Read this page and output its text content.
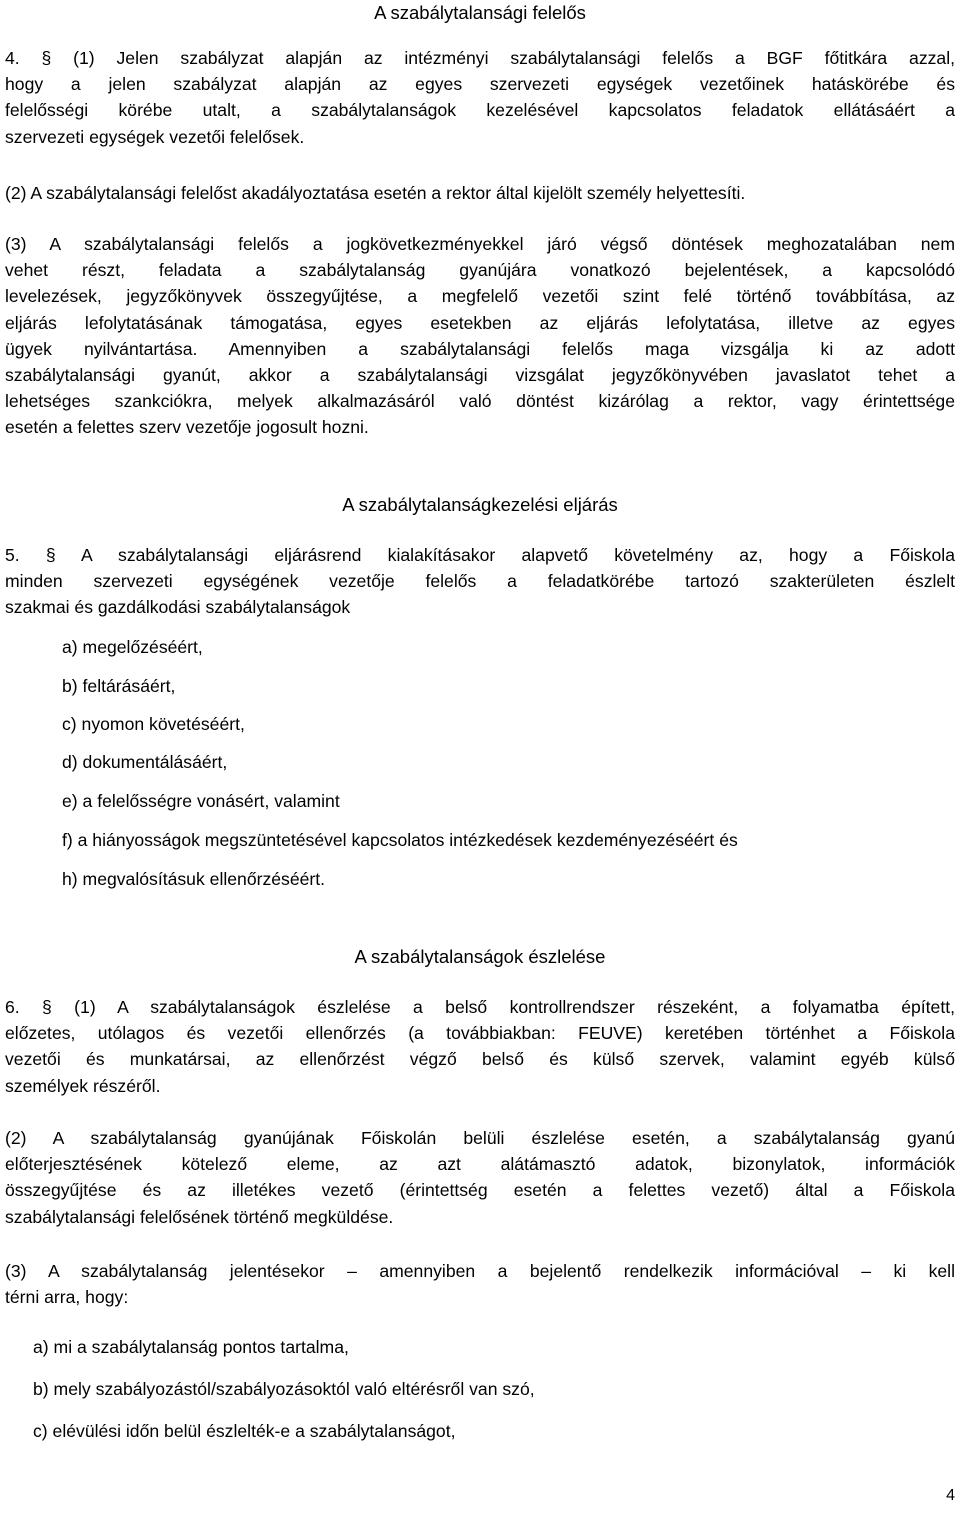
A szabálytalansági felelős
4. § (1) Jelen szabályzat alapján az intézményi szabálytalansági felelős a BGF főtitkára azzal,
hogy a jelen szabályzat alapján az egyes szervezeti egységek vezetőinek hatáskörébe és
felelősségi körébe utalt, a szabálytalanságok kezelésével kapcsolatos feladatok ellátásáért a
szervezeti egységek vezetői felelősek.
(2) A szabálytalansági felelőst akadályoztatása esetén a rektor által kijelölt személy helyettesíti.
(3) A szabálytalansági felelős a jogkövetkezményekkel járó végső döntések meghozatalában nem
vehet részt, feladata a szabálytalanság gyanújára vonatkozó bejelentések, a kapcsolódó
levelezések, jegyzőkönyvek összegyűjtése, a megfelelő vezetői szint felé történő továbbítása, az
eljárás lefolytatásának támogatása, egyes esetekben az eljárás lefolytatása, illetve az egyes
ügyek nyilvántartása. Amennyiben a szabálytalansági felelős maga vizsgálja ki az adott
szabálytalansági gyanút, akkor a szabálytalansági vizsgálat jegyzőkönyvében javaslatot tehet a
lehetséges szankciókra, melyek alkalmazásáról való döntést kizárólag a rektor, vagy érintettsége
esetén a felettes szerv vezetője jogosult hozni.
A szabálytalanságkezelési eljárás
5. § A szabálytalansági eljárásrend kialakításakor alapvető követelmény az, hogy a Főiskola
minden szervezeti egységének vezetője felelős a feladatkörébe tartozó szakterületen észlelt
szakmai és gazdálkodási szabálytalanságok
a) megelőzéséért,
b) feltárásáért,
c) nyomon követéséért,
d) dokumentálásáért,
e) a felelősségre vonásért, valamint
f) a hiányosságok megszüntetésével kapcsolatos intézkedések kezdeményezéséért és
h) megvalósításuk ellenőrzéséért.
A szabálytalanságok észlelése
6. § (1) A szabálytalanságok észlelése a belső kontrollrendszer részeként, a folyamatba épített,
előzetes, utólagos és vezetői ellenőrzés (a továbbiakban: FEUVE) keretében történhet a Főiskola
vezetői és munkatársai, az ellenőrzést végző belső és külső szervek, valamint egyéb külső
személyek részéről.
(2) A szabálytalanság gyanújának Főiskolán belüli észlelése esetén, a szabálytalanság gyanú
előterjesztésének kötelező eleme, az azt alátámasztó adatok, bizonylatok, információk
összegyűjtése és az illetékes vezető (érintettség esetén a felettes vezető) által a Főiskola
szabálytalansági felelősének történő megküldése.
(3) A szabálytalanság jelentésekor – amennyiben a bejelentő rendelkezik információval – ki kell
térni arra, hogy:
a) mi a szabálytalanság pontos tartalma,
b) mely szabályozástól/szabályozásoktól való eltérésről van szó,
c) elévülési időn belül észlelték-e a szabálytalanságot,
4
